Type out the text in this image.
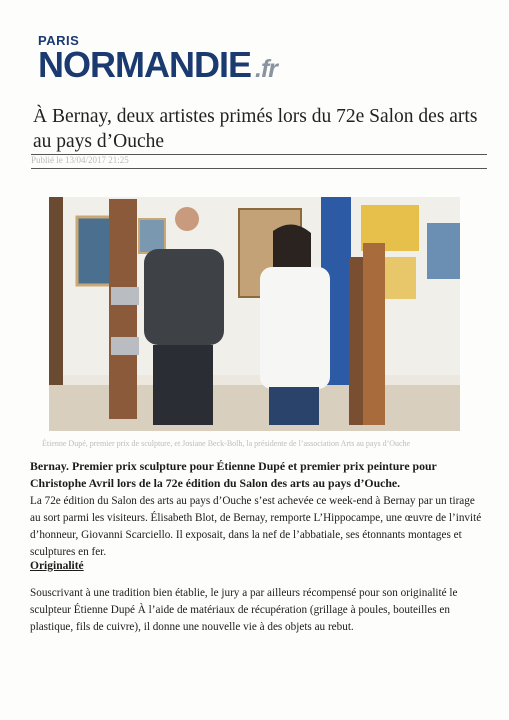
PARIS
NORMANDIE .fr
À Bernay, deux artistes primés lors du 72e Salon des arts au pays d’Ouche
Publié le 13/04/2017 21:25
Étienne Dupé, premier prix de sculpture, et Josiane Beck-Bolh, la présidente de l’association Arts au pays d’Ouche

Bernay. Premier prix sculpture pour Étienne Dupé et premier prix peinture pour Christophe Avril lors de la 72e édition du Salon des arts au pays d’Ouche.

La 72e édition du Salon des arts au pays d’Ouche s’est achevée ce week-end à Bernay par un tirage au sort parmi les visiteurs. Élisabeth Blot, de Bernay, remporte L’Hippocampe, une œuvre de l’invité d’honneur, Giovanni Scarciello. Il exposait, dans la nef de l’abbatiale, ses étonnants montages et sculptures en fer.

Originalité

Souscrivant à une tradition bien établie, le jury a par ailleurs récompensé pour son originalité le sculpteur Étienne Dupé À l’aide de matériaux de récupération (grillage à poules, bouteilles en plastique, fils de cuivre), il donne une nouvelle vie à des objets au rebut.
